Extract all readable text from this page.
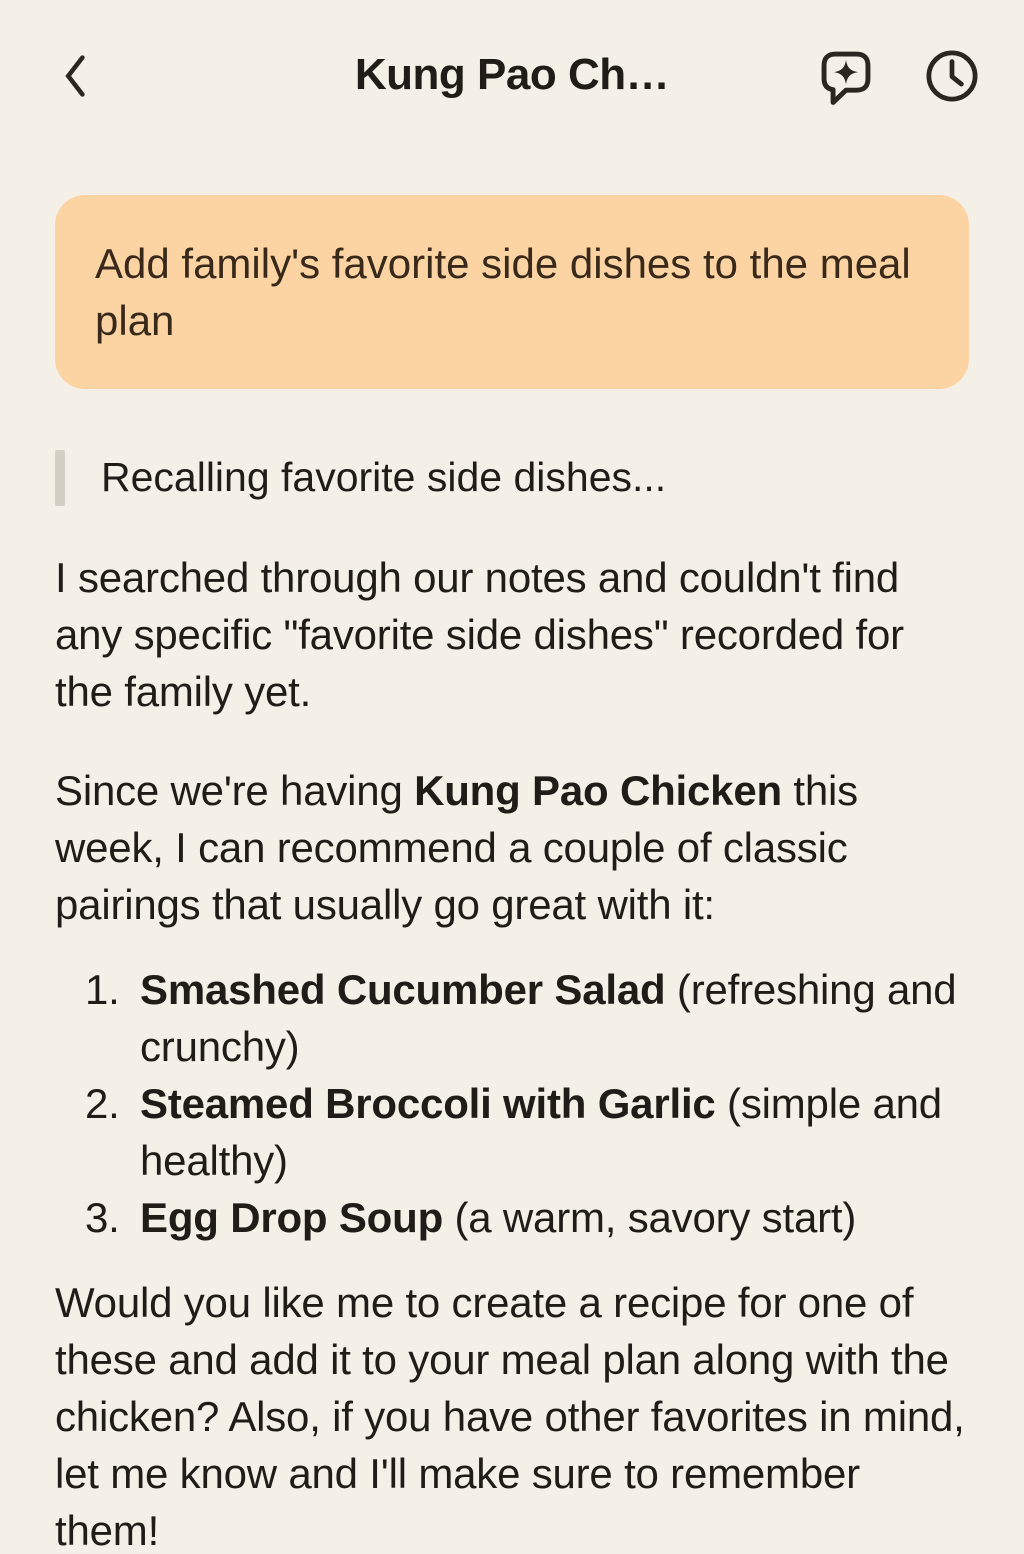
Kung Pao Ch…
Add family's favorite side dishes to the meal plan
Recalling favorite side dishes...

I searched through our notes and couldn't find any specific "favorite side dishes" recorded for the family yet.

Since we're having Kung Pao Chicken this week, I can recommend a couple of classic pairings that usually go great with it:

1. Smashed Cucumber Salad (refreshing and crunchy)
2. Steamed Broccoli with Garlic (simple and healthy)
3. Egg Drop Soup (a warm, savory start)

Would you like me to create a recipe for one of these and add it to your meal plan along with the chicken? Also, if you have other favorites in mind, let me know and I'll make sure to remember them!
